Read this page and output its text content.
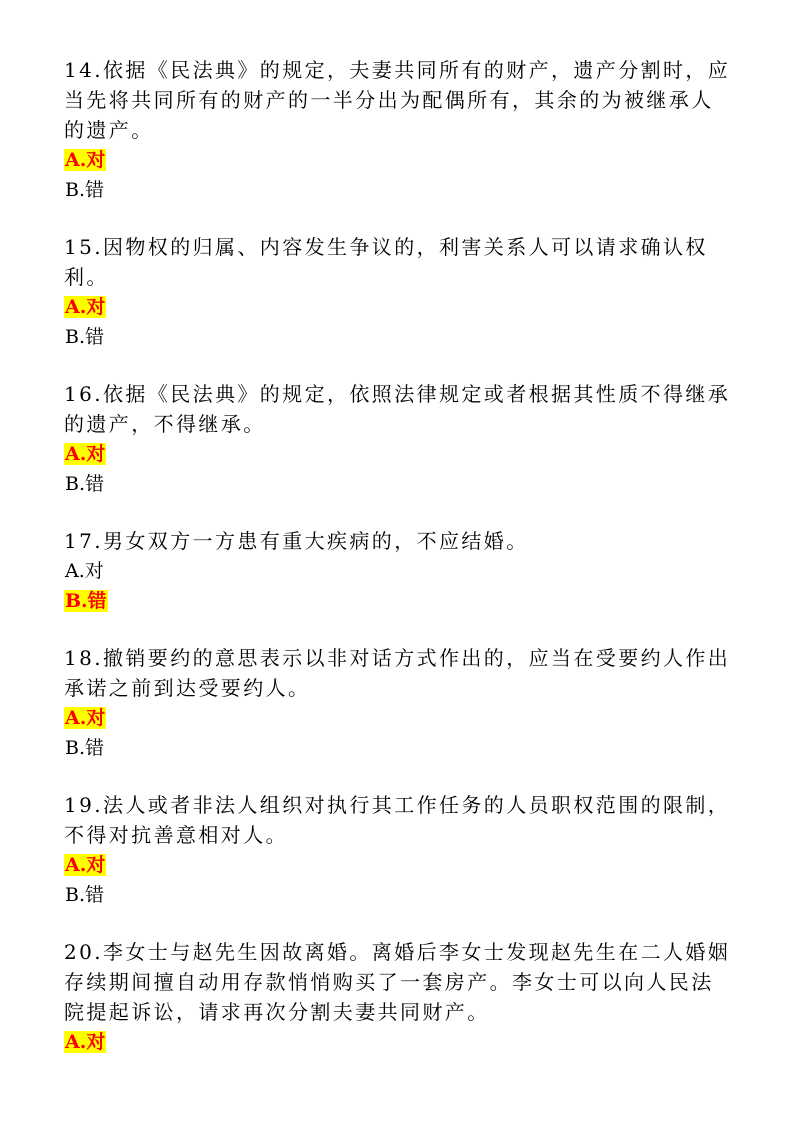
14.依据《民法典》的规定，夫妻共同所有的财产，遗产分割时，应当先将共同所有的财产的一半分出为配偶所有，其余的为被继承人的遗产。

A.对
B.错

15.因物权的归属、内容发生争议的，利害关系人可以请求确认权利。

A.对
B.错

16.依据《民法典》的规定，依照法律规定或者根据其性质不得继承的遗产，不得继承。

A.对
B.错

17.男女双方一方患有重大疾病的，不应结婚。

A.对
B.错

18.撤销要约的意思表示以非对话方式作出的，应当在受要约人作出承诺之前到达受要约人。

A.对
B.错

19.法人或者非法人组织对执行其工作任务的人员职权范围的限制，不得对抗善意相对人。

A.对
B.错

20.李女士与赵先生因故离婚。离婚后李女士发现赵先生在二人婚姻存续期间擅自动用存款悄悄购买了一套房产。李女士可以向人民法院提起诉讼，请求再次分割夫妻共同财产。

A.对
